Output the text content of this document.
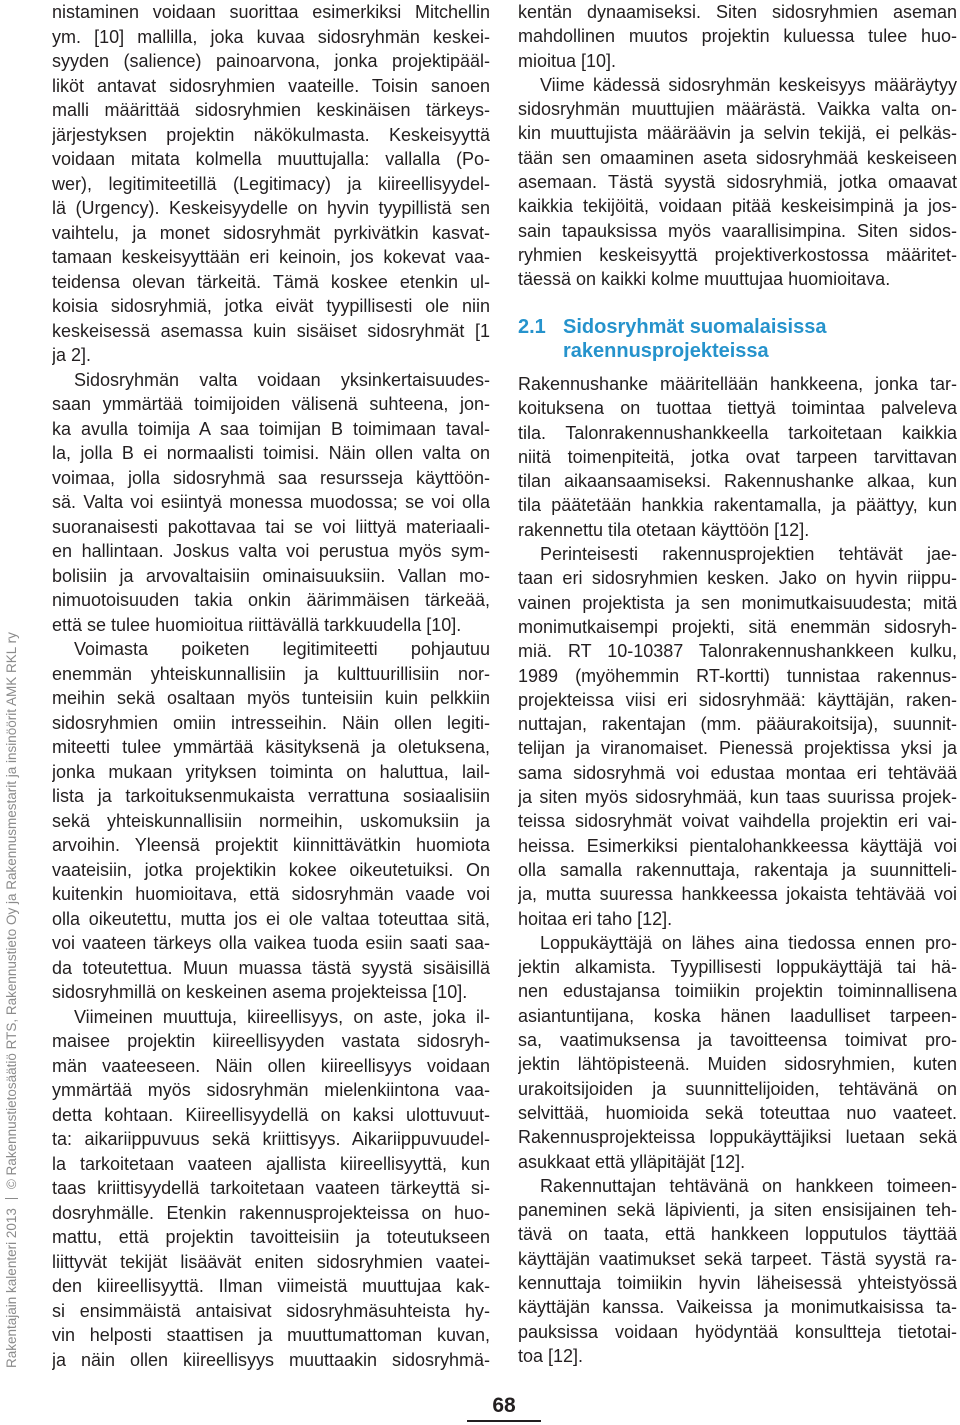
Rakentajain kalenteri 2013© Rakennustietosäätiö RTS, Rakennustieto Oy ja Rakennusmestarit ja insinöörit AMK RKL ry
nistaminen voidaan suorittaa esimerkiksi Mitchellin
ym. [10] mallilla, joka kuvaa sidosryhmän keskei-
syyden (salience) painoarvona, jonka projektipääl-
liköt antavat sidosryhmien vaateille. Toisin sanoen
malli määrittää sidosryhmien keskinäisen tärkeys-
järjestyksen projektin näkökulmasta. Keskeisyyttä
voidaan mitata kolmella muuttujalla: vallalla (Po-
wer), legitimiteetillä (Legitimacy) ja kiireellisyydel-
lä (Urgency). Keskeisyydelle on hyvin tyypillistä sen
vaihtelu, ja monet sidosryhmät pyrkivätkin kasvat-
tamaan keskeisyyttään eri keinoin, jos kokevat vaa-
teidensa olevan tärkeitä. Tämä koskee etenkin ul-
koisia sidosryhmiä, jotka eivät tyypillisesti ole niin
keskeisessä asemassa kuin sisäiset sidosryhmät [1
ja 2].
Sidosryhmän valta voidaan yksinkertaisuudes-
saan ymmärtää toimijoiden välisenä suhteena, jon-
ka avulla toimija A saa toimijan B toimimaan taval-
la, jolla B ei normaalisti toimisi. Näin ollen valta on
voimaa, jolla sidosryhmä saa resursseja käyttöön-
sä. Valta voi esiintyä monessa muodossa; se voi olla
suoranaisesti pakottavaa tai se voi liittyä materiaali-
en hallintaan. Joskus valta voi perustua myös sym-
bolisiin ja arvovaltaisiin ominaisuuksiin. Vallan mo-
nimuotoisuuden takia onkin äärimmäisen tärkeää,
että se tulee huomioitua riittävällä tarkkuudella [10].
Voimasta poiketen legitimiteetti pohjautuu
enemmän yhteiskunnallisiin ja kulttuurillisiin nor-
meihin sekä osaltaan myös tunteisiin kuin pelkkiin
sidosryhmien omiin intresseihin. Näin ollen legiti-
miteetti tulee ymmärtää käsityksenä ja oletuksena,
jonka mukaan yrityksen toiminta on haluttua, lail-
lista ja tarkoituksenmukaista verrattuna sosiaalisiin
sekä yhteiskunnallisiin normeihin, uskomuksiin ja
arvoihin. Yleensä projektit kiinnittävätkin huomiota
vaateisiin, jotka projektikin kokee oikeutetuiksi. On
kuitenkin huomioitava, että sidosryhmän vaade voi
olla oikeutettu, mutta jos ei ole valtaa toteuttaa sitä,
voi vaateen tärkeys olla vaikea tuoda esiin saati saa-
da toteutettua. Muun muassa tästä syystä sisäisillä
sidosryhmillä on keskeinen asema projekteissa [10].
Viimeinen muuttuja, kiireellisyys, on aste, joka il-
maisee projektin kiireellisyyden vastata sidosryh-
män vaateeseen. Näin ollen kiireellisyys voidaan
ymmärtää myös sidosryhmän mielenkiintona vaa-
detta kohtaan. Kiireellisyydellä on kaksi ulottuvuut-
ta: aikariippuvuus sekä kriittisyys. Aikariippuvuudel-
la tarkoitetaan vaateen ajallista kiireellisyyttä, kun
taas kriittisyydellä tarkoitetaan vaateen tärkeyttä si-
dosryhmälle. Etenkin rakennusprojekteissa on huo-
mattu, että projektin tavoitteisiin ja toteutukseen
liittyvät tekijät lisäävät eniten sidosryhmien vaatei-
den kiireellisyyttä. Ilman viimeistä muuttujaa kak-
si ensimmäistä antaisivat sidosryhmäsuhteista hy-
vin helposti staattisen ja muuttumattoman kuvan,
ja näin ollen kiireellisyys muuttaakin sidosryhmä-
kentän dynaamiseksi. Siten sidosryhmien aseman
mahdollinen muutos projektin kuluessa tulee huo-
mioitua [10].
Viime kädessä sidosryhmän keskeisyys määräytyy
sidosryhmän muuttujien määrästä. Vaikka valta on-
kin muuttujista määräävin ja selvin tekijä, ei pelkäs-
tään sen omaaminen aseta sidosryhmää keskeiseen
asemaan. Tästä syystä sidosryhmiä, jotka omaavat
kaikkia tekijöitä, voidaan pitää keskeisimpinä ja jos-
sain tapauksissa myös vaarallisimpina. Siten sidos-
ryhmien keskeisyyttä projektiverkostossa määritet-
täessä on kaikki kolme muuttujaa huomioitava.
2.1 Sidosryhmät suomalaisissa
rakennusprojekteissa
Rakennushanke määritellään hankkeena, jonka tar-
koituksena on tuottaa tiettyä toimintaa palveleva
tila. Talonrakennushankkeella tarkoitetaan kaikkia
niitä toimenpiteitä, jotka ovat tarpeen tarvittavan
tilan aikaansaamiseksi. Rakennushanke alkaa, kun
tila päätetään hankkia rakentamalla, ja päättyy, kun
rakennettu tila otetaan käyttöön [12].
Perinteisesti rakennusprojektien tehtävät jae-
taan eri sidosryhmien kesken. Jako on hyvin riippu-
vainen projektista ja sen monimutkaisuudesta; mitä
monimutkaisempi projekti, sitä enemmän sidosryh-
miä. RT 10-10387 Talonrakennushankkeen kulku,
1989 (myöhemmin RT-kortti) tunnistaa rakennus-
projekteissa viisi eri sidosryhmää: käyttäjän, raken-
nuttajan, rakentajan (mm. pääurakoitsija), suunnit-
telijan ja viranomaiset. Pienessä projektissa yksi ja
sama sidosryhmä voi edustaa montaa eri tehtävää
ja siten myös sidosryhmää, kun taas suurissa projek-
teissa sidosryhmät voivat vaihdella projektin eri vai-
heissa. Esimerkiksi pientalohankkeessa käyttäjä voi
olla samalla rakennuttaja, rakentaja ja suunnitteli-
ja, mutta suuressa hankkeessa jokaista tehtävää voi
hoitaa eri taho [12].
Loppukäyttäjä on lähes aina tiedossa ennen pro-
jektin alkamista. Tyypillisesti loppukäyttäjä tai hä-
nen edustajansa toimiikin projektin toiminnallisena
asiantuntijana, koska hänen laadulliset tarpeen-
sa, vaatimuksensa ja tavoitteensa toimivat pro-
jektin lähtöpisteenä. Muiden sidosryhmien, kuten
urakoitsijoiden ja suunnittelijoiden, tehtävänä on
selvittää, huomioida sekä toteuttaa nuo vaateet.
Rakennusprojekteissa loppukäyttäjiksi luetaan sekä
asukkaat että ylläpitäjät [12].
Rakennuttajan tehtävänä on hankkeen toimeen-
paneminen sekä läpivienti, ja siten ensisijainen teh-
tävä on taata, että hankkeen lopputulos täyttää
käyttäjän vaatimukset sekä tarpeet. Tästä syystä ra-
kennuttaja toimiikin hyvin läheisessä yhteistyössä
käyttäjän kanssa. Vaikeissa ja monimutkaisissa ta-
pauksissa voidaan hyödyntää konsultteja tietotai-
toa [12].
68
